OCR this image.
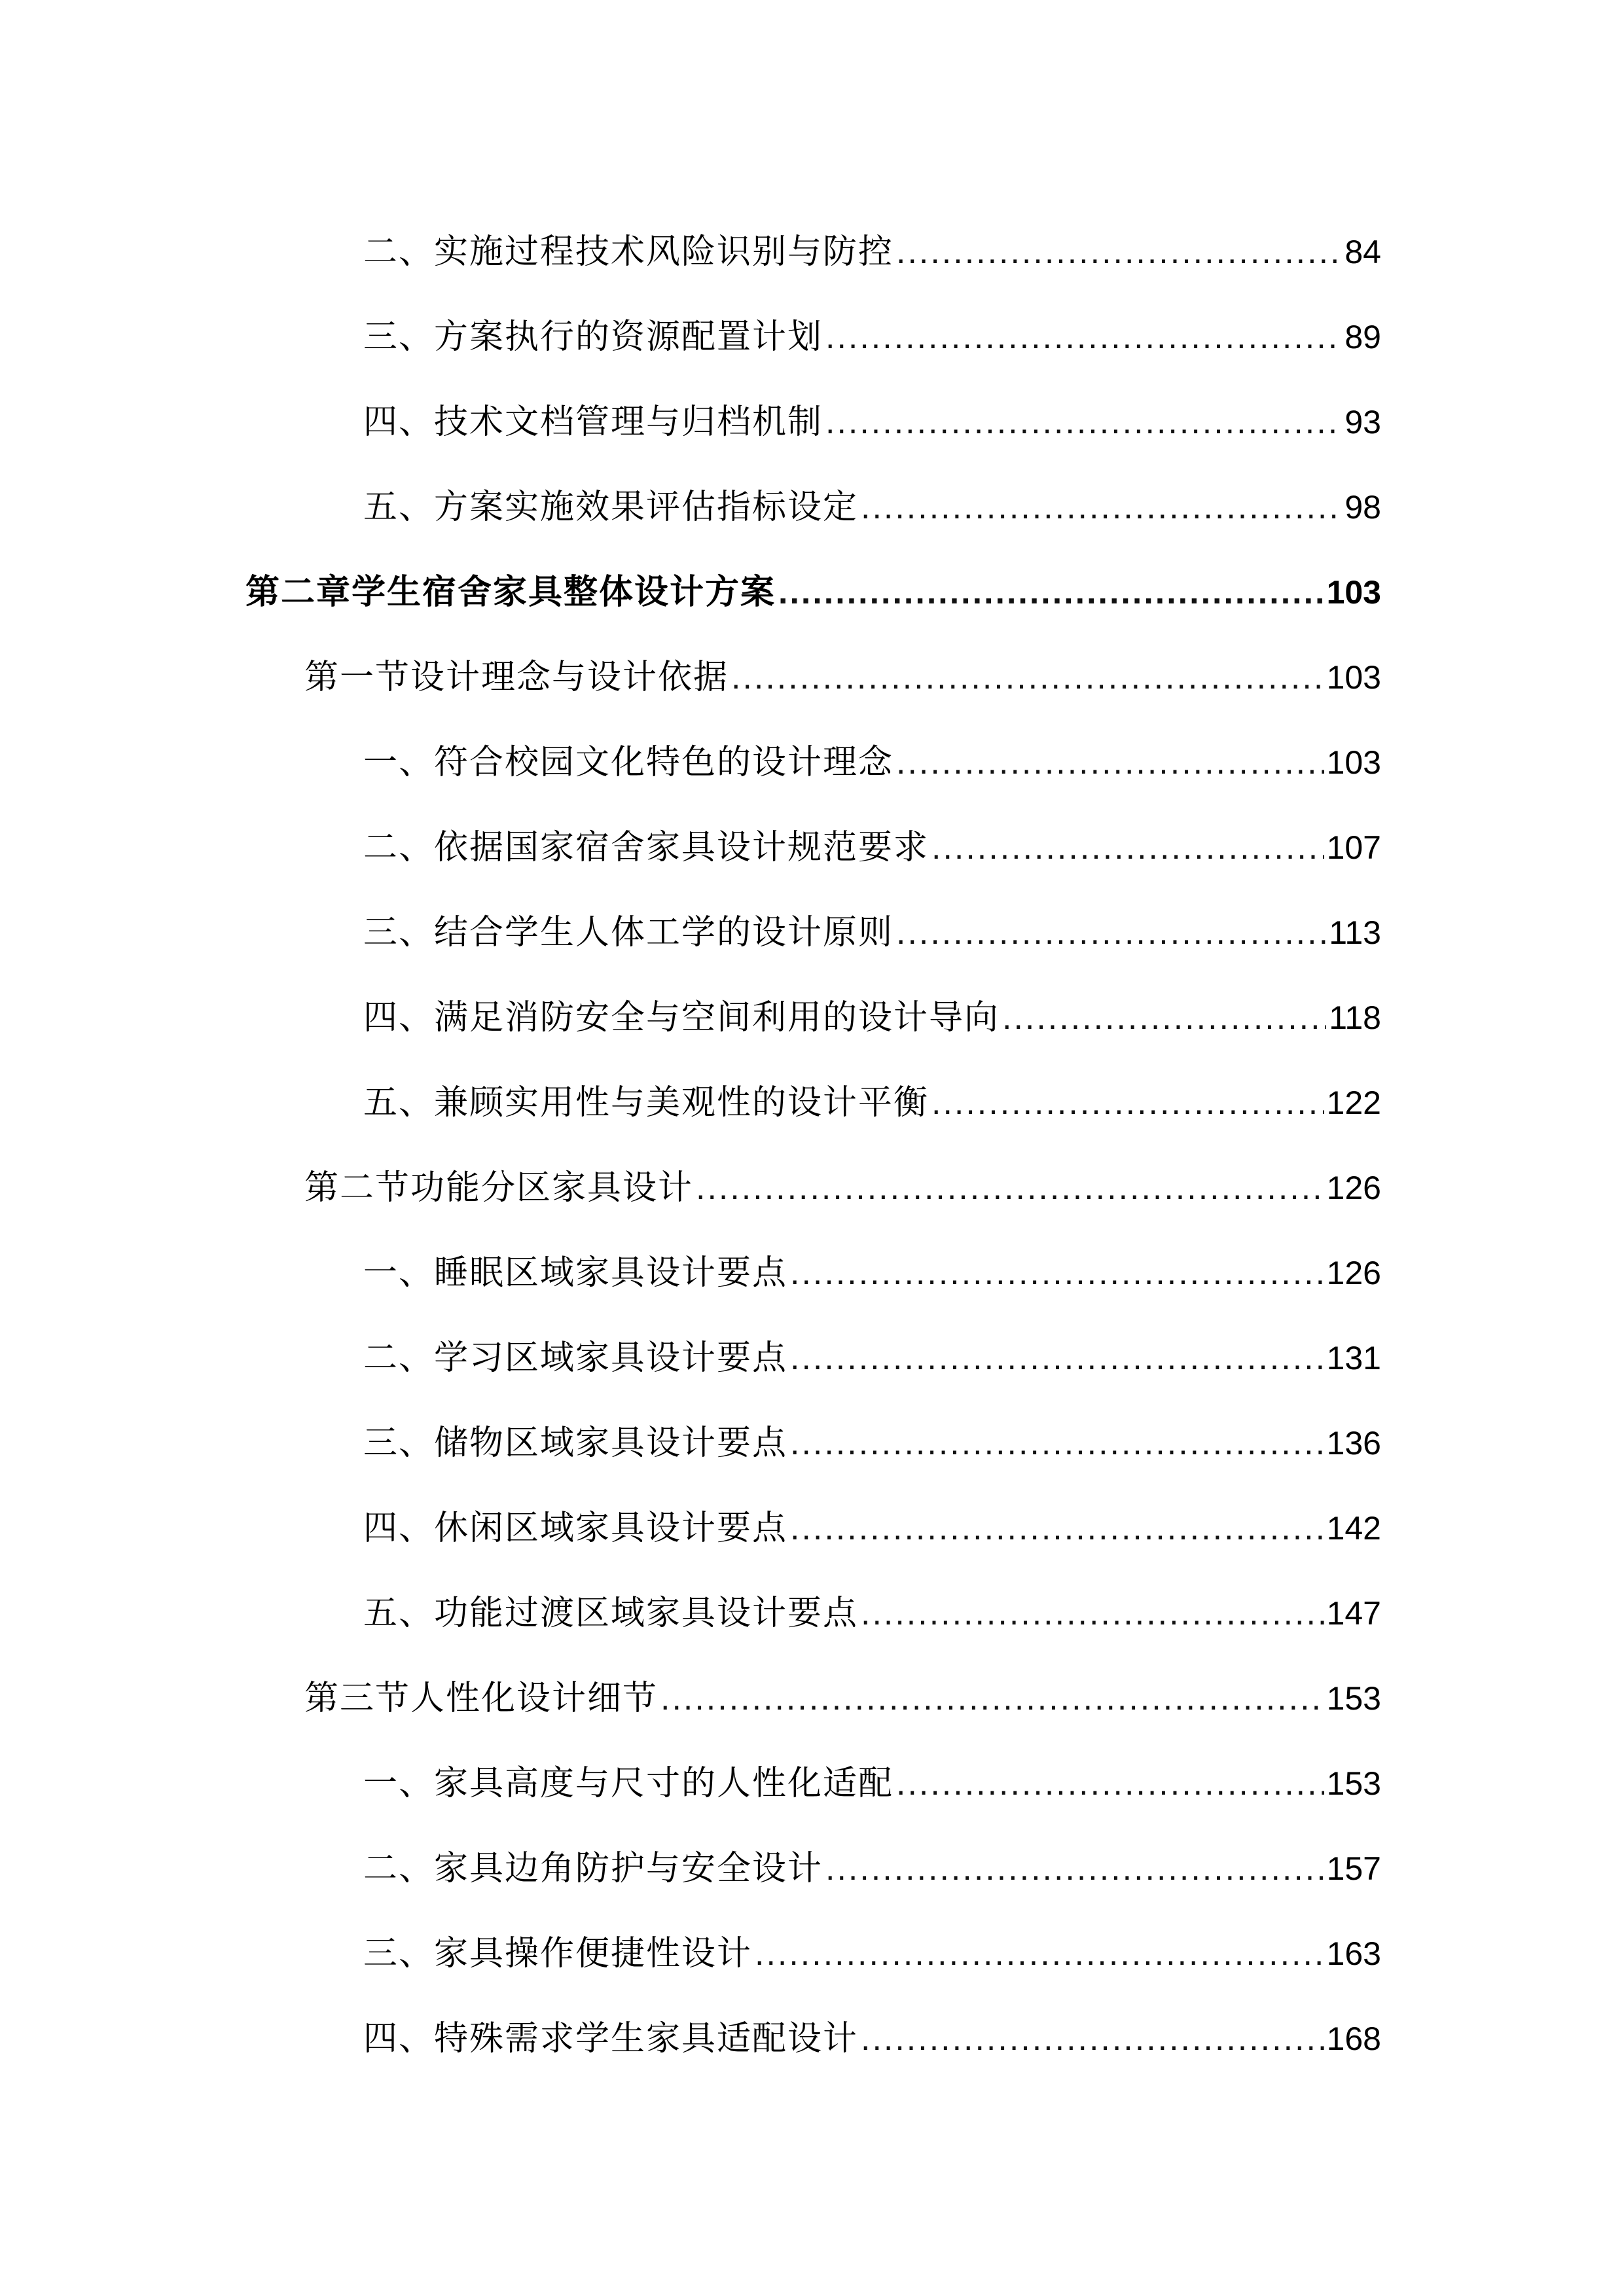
二、实施过程技术风险识别与防控 .....	84
三、方案执行的资源配置计划 .....	89
四、技术文档管理与归档机制 .....	93
五、方案实施效果评估指标设定 .....	98
第二章学生宿舍家具整体设计方案 .....	103
第一节设计理念与设计依据 .....	103
一、符合校园文化特色的设计理念 .....	103
二、依据国家宿舍家具设计规范要求 .....	107
三、结合学生人体工学的设计原则 .....	113
四、满足消防安全与空间利用的设计导向 .....	118
五、兼顾实用性与美观性的设计平衡 .....	122
第二节功能分区家具设计 .....	126
一、睡眠区域家具设计要点 .....	126
二、学习区域家具设计要点 .....	131
三、储物区域家具设计要点 .....	136
四、休闲区域家具设计要点 .....	142
五、功能过渡区域家具设计要点 .....	147
第三节人性化设计细节 .....	153
一、家具高度与尺寸的人性化适配 .....	153
二、家具边角防护与安全设计 .....	157
三、家具操作便捷性设计 .....	163
四、特殊需求学生家具适配设计 .....	168
